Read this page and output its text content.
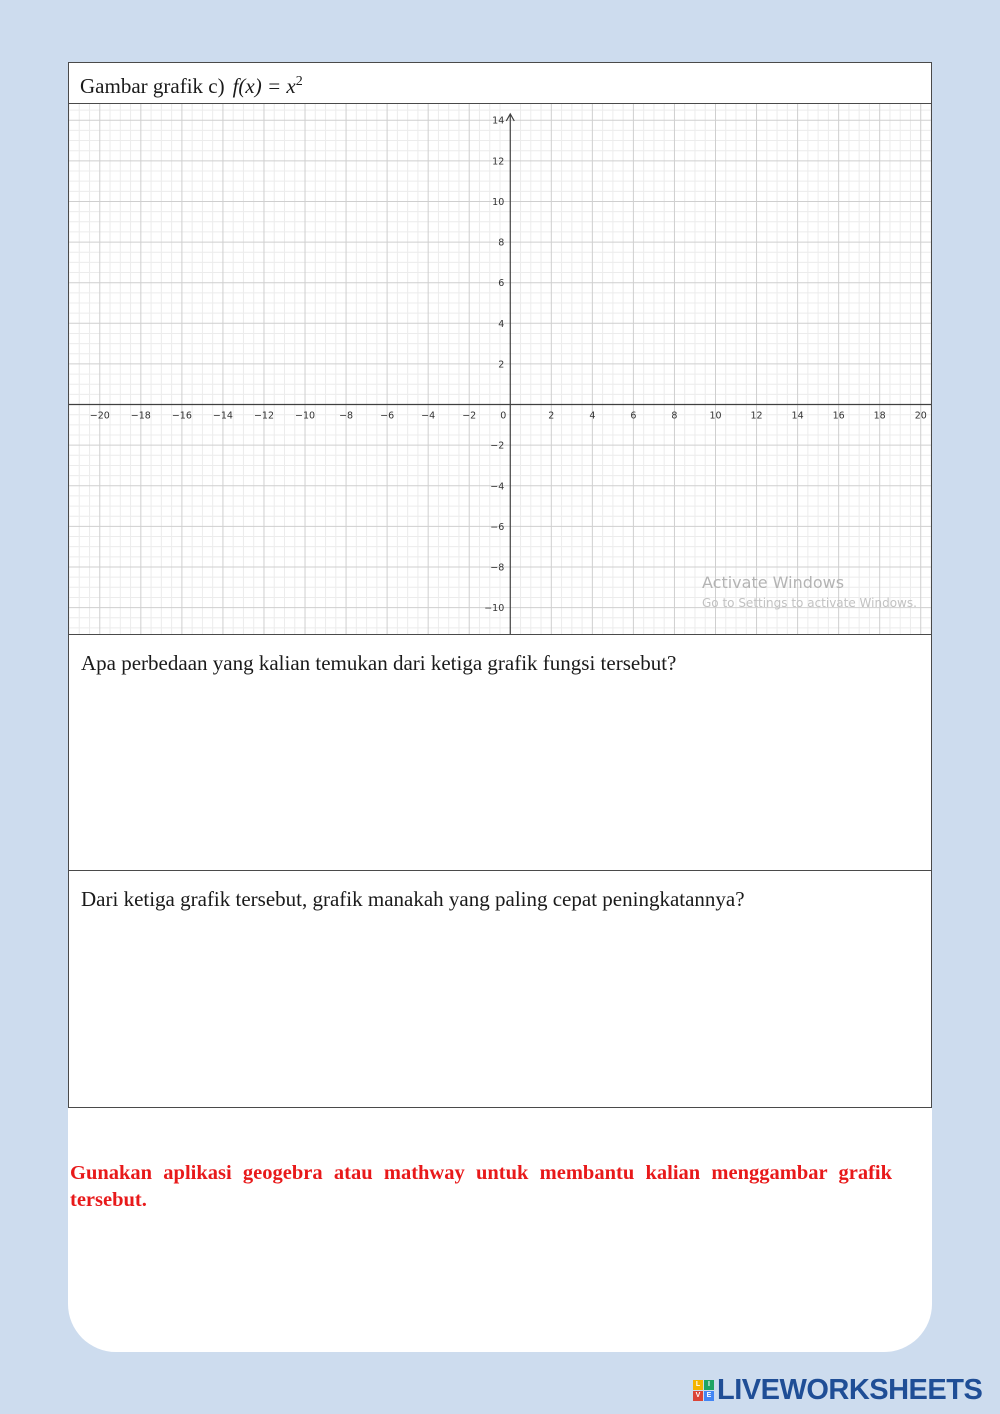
Gambar grafik c) $f(x) = x^2$
−20 −18 −16 −14 −12 −10	−8	−6	−4	−2	0	2	4	6	8	10	12	14	16	18	20
−10
−8
−6
−4
−2
2
4
6
8
10
12
14
Activate Windows
Go to Settings to activate Windows.
Apa perbedaan yang kalian temukan dari ketiga grafik fungsi tersebut?
Dari ketiga grafik tersebut, grafik manakah yang paling cepat peningkatannya?
Gunakan aplikasi geogebra atau mathway untuk membantu kalian menggambar grafik tersebut.
L	I
V E LIVEWORKSHEETS
